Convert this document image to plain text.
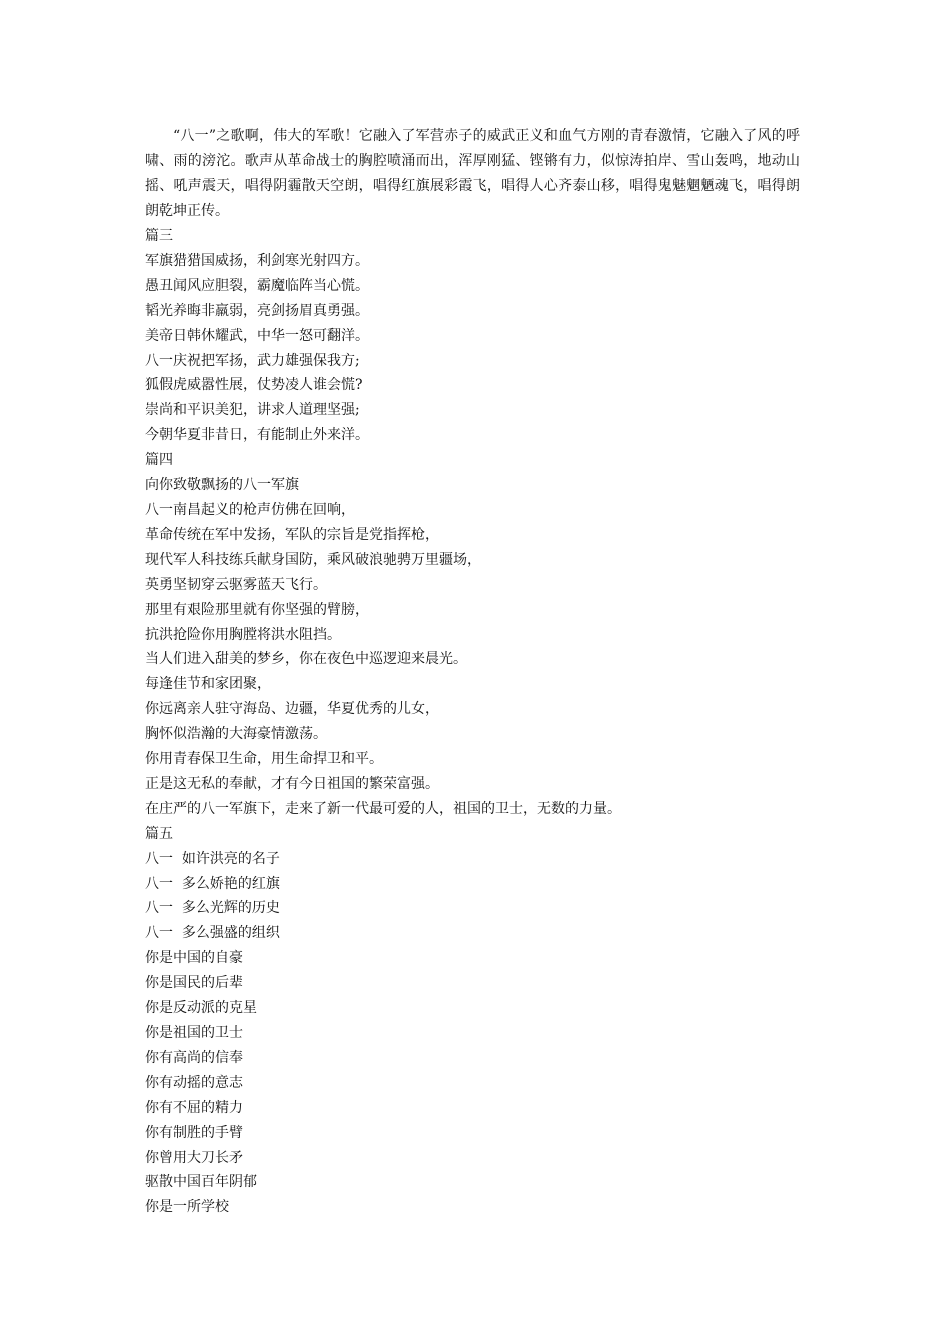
“八一”之歌啊，伟大的军歌！它融入了军营赤子的威武正义和血气方刚的青春激情，它融入了风的呼啸、雨的滂沱。歌声从革命战士的胸腔喷涌而出，浑厚刚猛、铿锵有力，似惊涛拍岸、雪山轰鸣，地动山摇、吼声震天，唱得阴霾散天空朗，唱得红旗展彩霞飞，唱得人心齐泰山移，唱得鬼魅魍魉魂飞，唱得朗朗乾坤正传。

篇三

军旗猎猎国威扬，利剑寒光射四方。

愚丑闻风应胆裂，霸魔临阵当心慌。

韬光养晦非羸弱，亮剑扬眉真勇强。

美帝日韩休耀武，中华一怒可翻洋。

八一庆祝把军扬，武力雄强保我方;

狐假虎威嚣性展，仗势凌人谁会慌?

崇尚和平识美犯，讲求人道理坚强;

今朝华夏非昔日，有能制止外来洋。

篇四

向你致敬飘扬的八一军旗

八一南昌起义的枪声仿佛在回响，

革命传统在军中发扬，军队的宗旨是党指挥枪，

现代军人科技练兵献身国防，乘风破浪驰骋万里疆场，

英勇坚韧穿云驱雾蓝天飞行。

那里有艰险那里就有你坚强的臂膀，

抗洪抢险你用胸膛将洪水阻挡。

当人们进入甜美的梦乡，你在夜色中巡逻迎来晨光。

每逢佳节和家团聚，

你远离亲人驻守海岛、边疆，华夏优秀的儿女，

胸怀似浩瀚的大海豪情激荡。

你用青春保卫生命，用生命捍卫和平。

正是这无私的奉献，才有今日祖国的繁荣富强。

在庄严的八一军旗下，走来了新一代最可爱的人，祖国的卫士，无数的力量。

篇五

八一  如许洪亮的名子

八一  多么娇艳的红旗

八一  多么光辉的历史

八一  多么强盛的组织

你是中国的自豪

你是国民的后辈

你是反动派的克星

你是祖国的卫士

你有高尚的信奉

你有动摇的意志

你有不屈的精力

你有制胜的手臂

你曾用大刀长矛

驱散中国百年阴郁

你是一所学校
